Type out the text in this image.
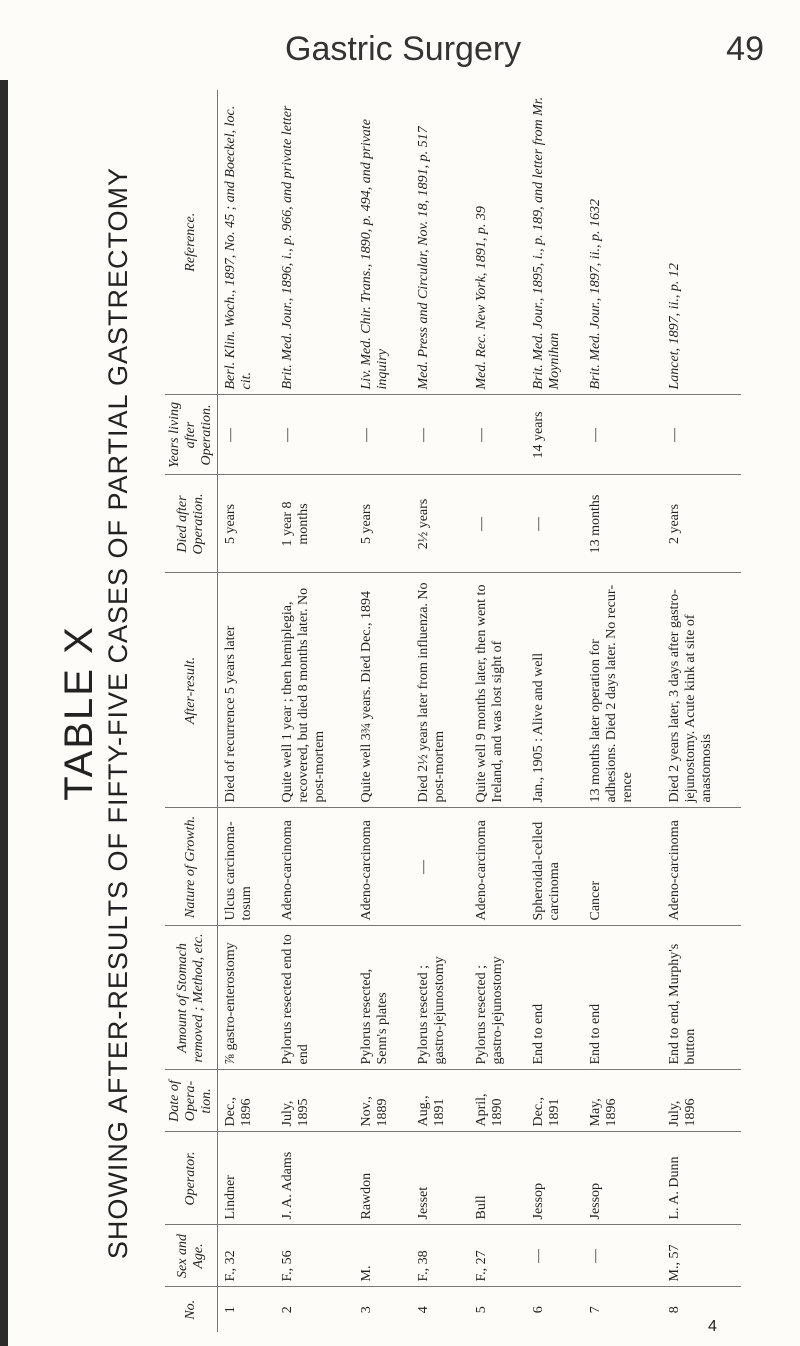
Gastric Surgery	49
TABLE X SHOWING AFTER-RESULTS OF FIFTY-FIVE CASES OF PARTIAL GASTRECTOMY
No.	Sex and Age.	Operator.	Date of Operation.	Amount of Stomach removed ; Method, etc.	Nature of Growth.	After-result.	Died after Operation.	Years living after Operation.	Reference.
1	F., 32	Lindner	Dec., 1896	⅞ gastro-enterostomy	Ulcus carcinomatosum	Died of recurrence 5 years later	5 years	—	Berl. Klin. Woch., 1897, No. 45 ; and Boeckel, loc. cit.
2	F., 56	J. A. Adams	July, 1895	Pylorus resected end to end	Adeno-carcinoma	Quite well 1 year ; then hemiplegia, recovered, but died 8 months later. No post-mortem	1 year 8 months	—	Brit. Med. Jour., 1896, i., p. 966, and private letter
3	M.	Rawdon	Nov., 1889	Pylorus resected, Senn's plates	Adeno-carcinoma	Quite well 3¾ years. Died Dec., 1894	5 years	—	Liv. Med. Chir. Trans., 1890, p. 494, and private inquiry
4	F., 38	Jesset	Aug., 1891	Pylorus resected ; gastro-jejunostomy	—	Died 2½ years later from influenza. No post-mortem	2½ years	—	Med. Press and Circular, Nov. 18, 1891, p. 517
5	F., 27	Bull	April, 1890	Pylorus resected ; gastro-jejunostomy	Adeno-carcinoma	Quite well 9 months later, then went to Ireland, and was lost sight of	—	—	Med. Rec. New York, 1891, p. 39
6	—	Jessop	Dec., 1891	End to end	Spheroidal-celled carcinoma	Jan., 1905 : Alive and well	—	14 years	Brit. Med. Jour., 1895, i., p. 189, and letter from Mr. Moynihan
7	—	Jessop	May, 1896	End to end	Cancer	13 months later operation for adhesions. Died 2 days later. No recurrence	13 months	—	Brit. Med. Jour., 1897, ii., p. 1632
8	M., 57	L. A. Dunn	July, 1896	End to end, Murphy's button	Adeno-carcinoma	Died 2 years later, 3 days after gastro-jejunostomy. Acute kink at site of anastomosis	2 years	—	Lancet, 1897, ii., p. 12
4
